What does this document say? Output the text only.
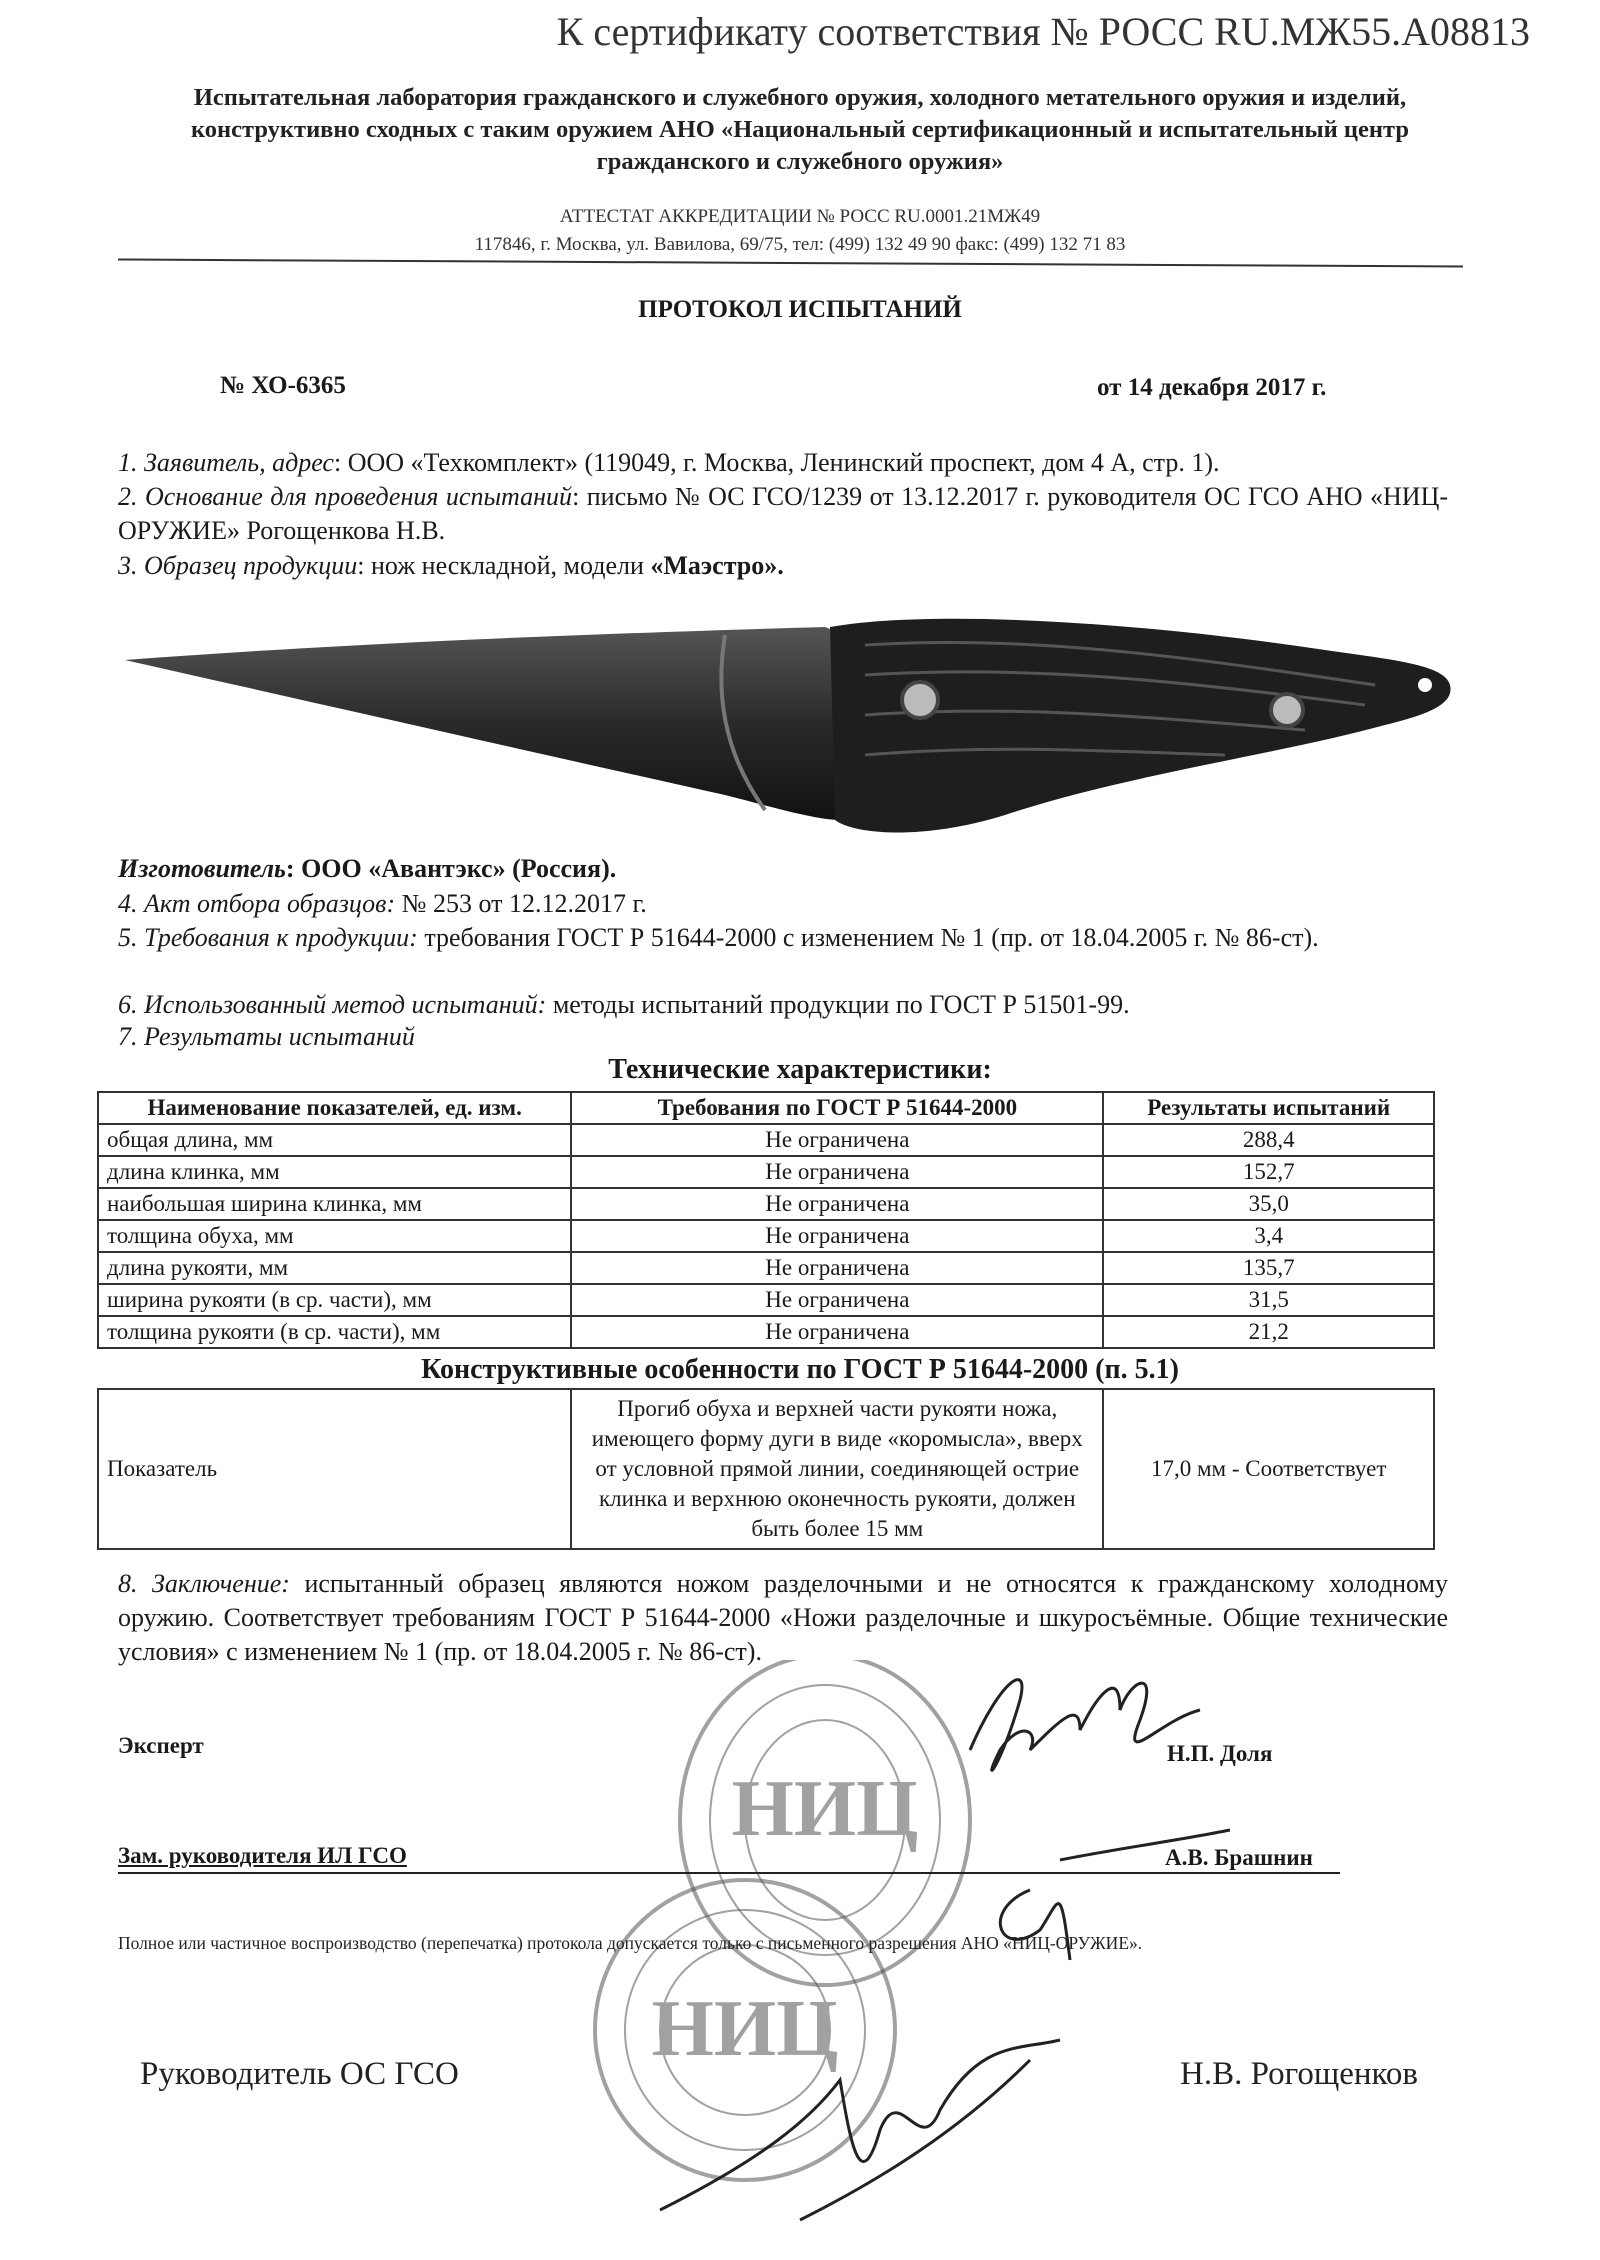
К сертификату соответствия № РОСС RU.МЖ55.А08813
Испытательная лаборатория гражданского и служебного оружия, холодного метательного оружия и изделий, конструктивно сходных с таким оружием АНО «Национальный сертификационный и испытательный центр гражданского и служебного оружия»
АТТЕСТАТ АККРЕДИТАЦИИ № РОСС RU.0001.21МЖ49
117846, г. Москва, ул. Вавилова, 69/75, тел: (499) 132 49 90 факс: (499) 132 71 83
ПРОТОКОЛ ИСПЫТАНИЙ
№ ХО-6365	от 14 декабря 2017 г.
1. Заявитель, адрес: ООО «Техкомплект» (119049, г. Москва, Ленинский проспект, дом 4 А, стр. 1).
2. Основание для проведения испытаний: письмо № ОС ГСО/1239 от 13.12.2017 г. руководителя ОС ГСО АНО «НИЦ-ОРУЖИЕ» Рогощенкова Н.В.
3. Образец продукции: нож нескладной, модели «Маэстро».
Изготовитель: ООО «Авантэкс» (Россия).
4. Акт отбора образцов: № 253 от 12.12.2017 г.
5. Требования к продукции: требования ГОСТ Р 51644-2000 с изменением № 1 (пр. от 18.04.2005 г. № 86-ст).
6. Использованный метод испытаний: методы испытаний продукции по ГОСТ Р 51501-99.
7. Результаты испытаний
Технические характеристики:
Наименование показателей, ед. изм.	Требования по ГОСТ Р 51644-2000	Результаты испытаний
общая длина, мм	Не ограничена	288,4
длина клинка, мм	Не ограничена	152,7
наибольшая ширина клинка, мм	Не ограничена	35,0
толщина обуха, мм	Не ограничена	3,4
длина рукояти, мм	Не ограничена	135,7
ширина рукояти (в ср. части), мм	Не ограничена	31,5
толщина рукояти (в ср. части), мм	Не ограничена	21,2
Конструктивные особенности по ГОСТ Р 51644-2000 (п. 5.1)
Показатель	Прогиб обуха и верхней части рукояти ножа, имеющего форму дуги в виде «коромысла», вверх от условной прямой линии, соединяющей острие клинка и верхнюю оконечность рукояти, должен быть более 15 мм	17,0 мм - Соответствует
8. Заключение: испытанный образец являются ножом разделочными и не относятся к гражданскому холодному оружию. Соответствует требованиям ГОСТ Р 51644-2000 «Ножи разделочные и шкуросъёмные. Общие технические условия» с изменением № 1 (пр. от 18.04.2005 г. № 86-ст).
НИЦ
НИЦ
Эксперт	Н.П. Доля
Зам. руководителя ИЛ ГСО	А.В. Брашнин
Полное или частичное воспроизводство (перепечатка) протокола допускается только с письменного разрешения АНО «НИЦ-ОРУЖИЕ».
Руководитель ОС ГСО	Н.В. Рогощенков
